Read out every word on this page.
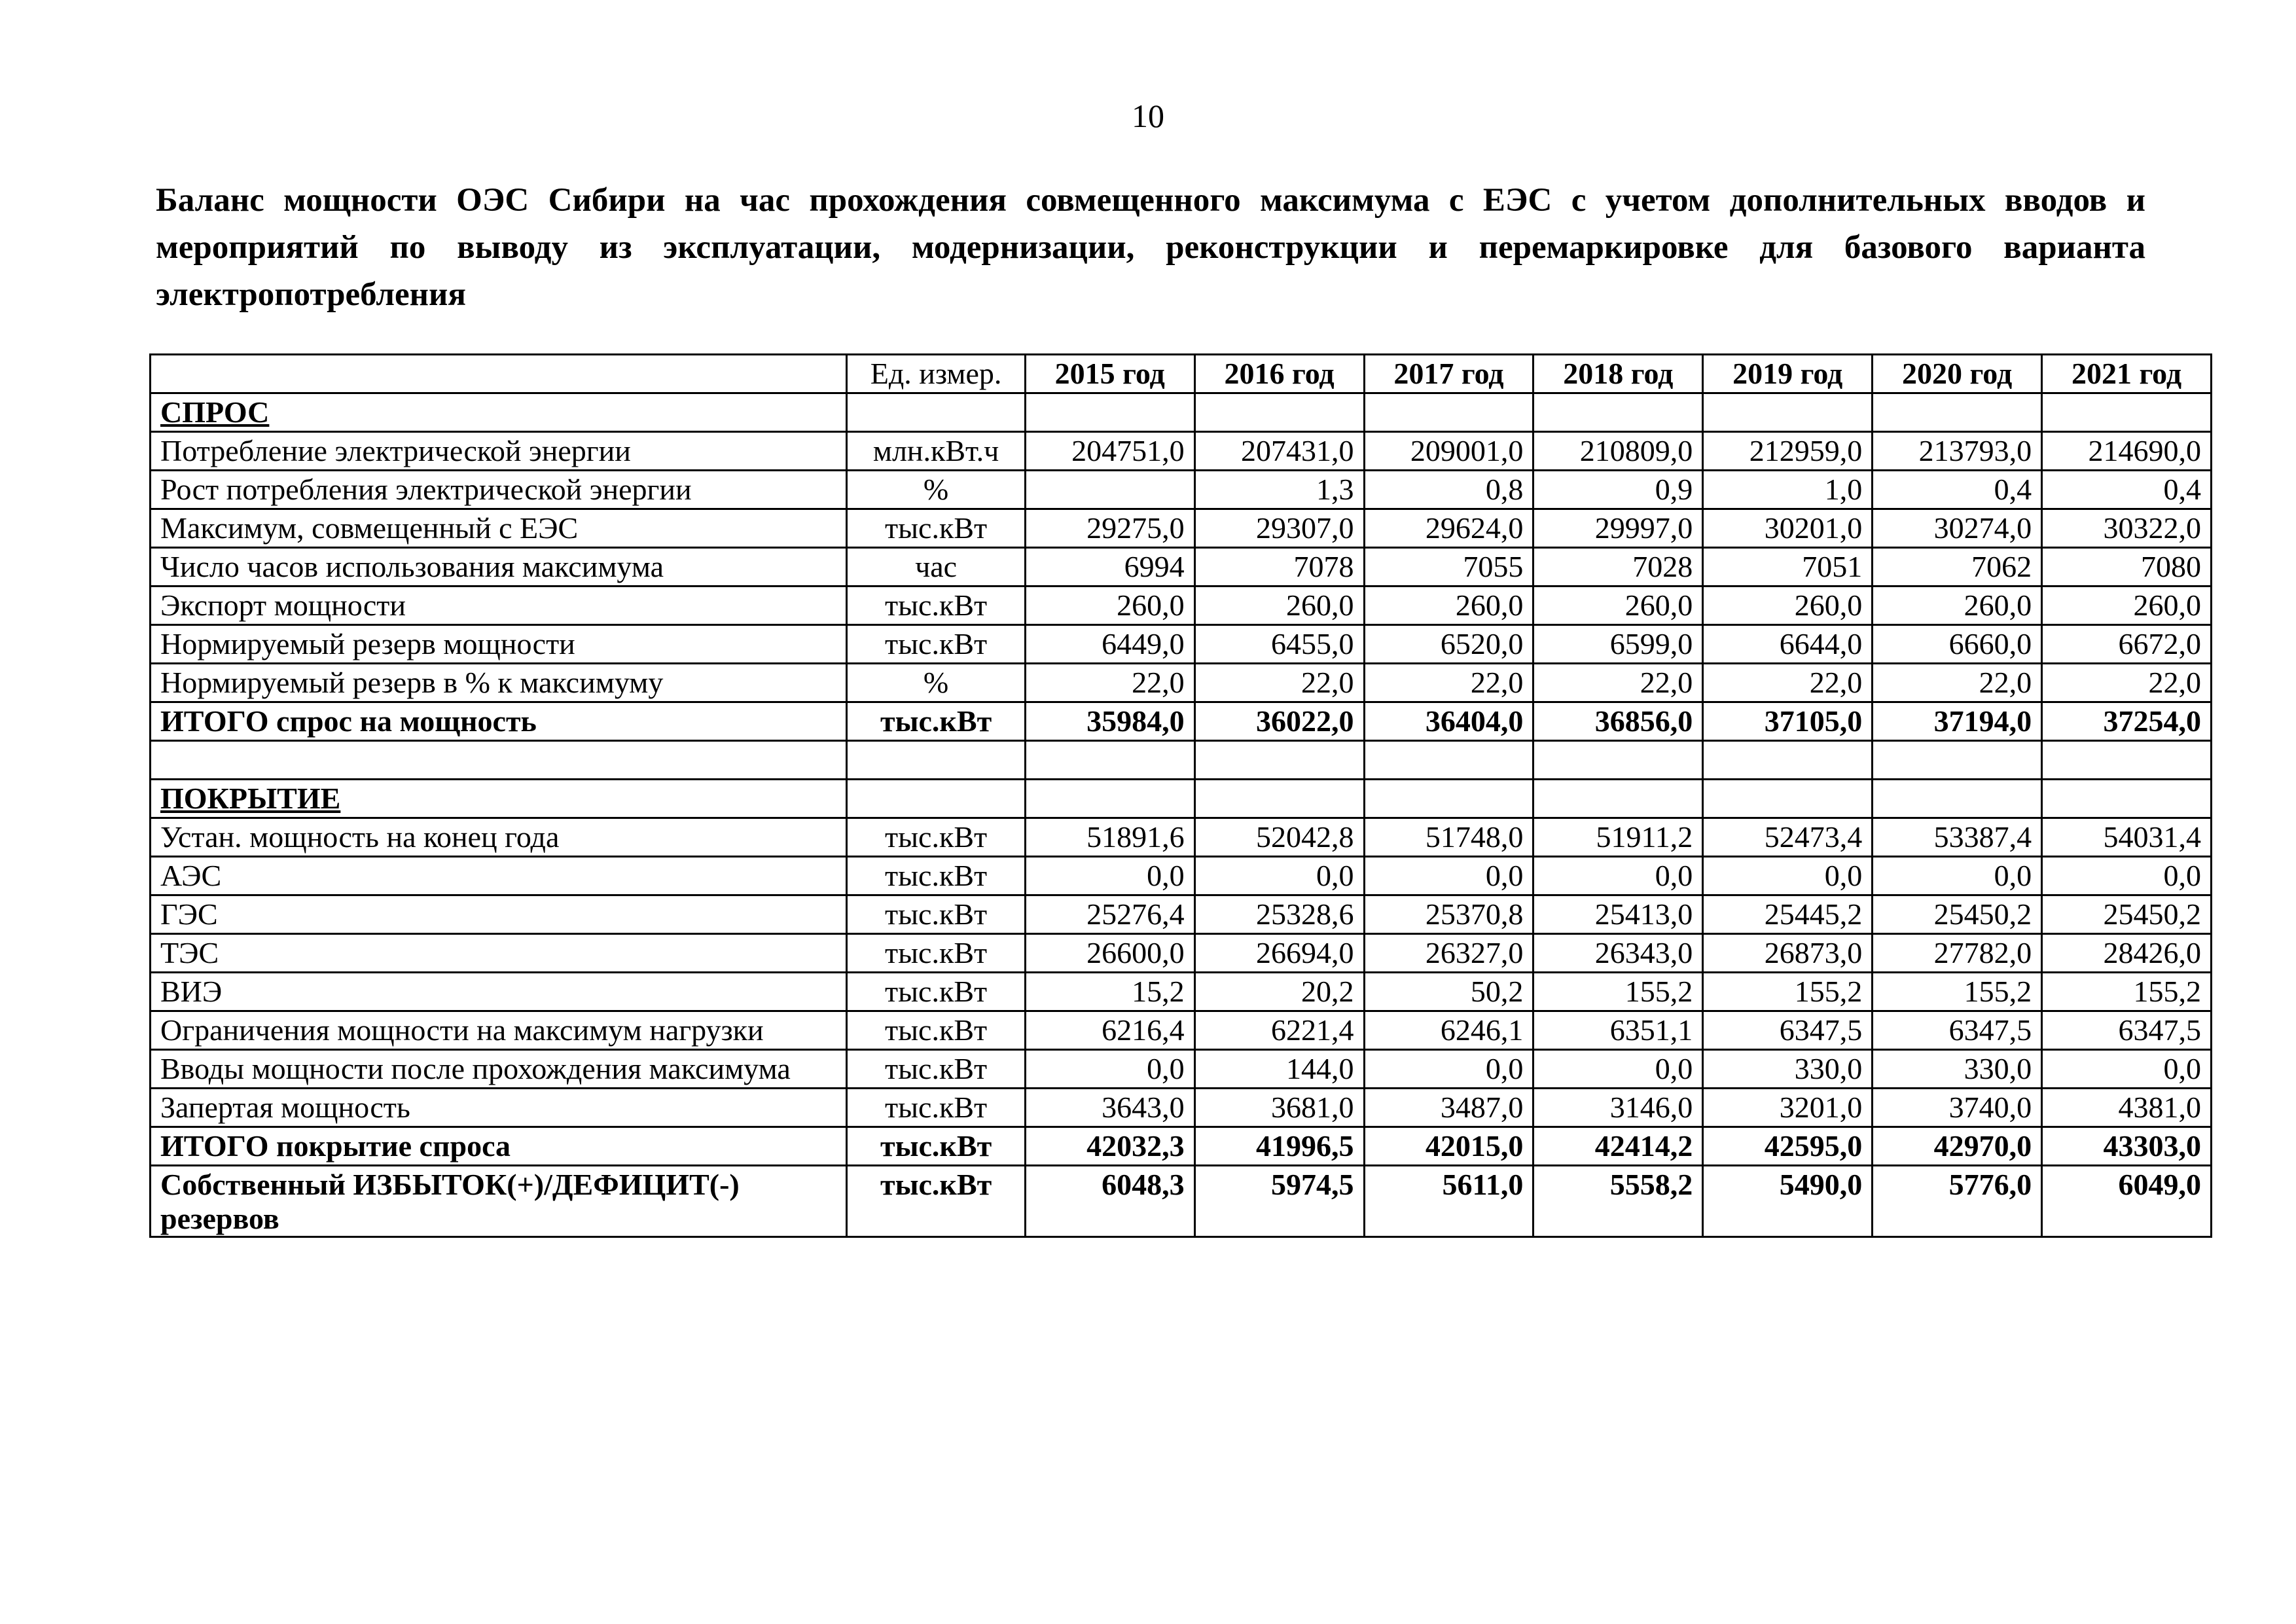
10
Баланс мощности ОЭС Сибири на час прохождения совмещенного максимума с ЕЭС с учетом дополнительных вводов и мероприятий по выводу из эксплуатации, модернизации, реконструкции и перемаркировке для базового варианта электропотребления
	Ед. измер.	2015 год	2016 год	2017 год	2018 год	2019 год	2020 год	2021 год
СПРОС								
Потребление электрической энергии	млн.кВт.ч	204751,0	207431,0	209001,0	210809,0	212959,0	213793,0	214690,0
Рост потребления электрической энергии	%		1,3	0,8	0,9	1,0	0,4	0,4
Максимум, совмещенный с ЕЭС	тыс.кВт	29275,0	29307,0	29624,0	29997,0	30201,0	30274,0	30322,0
Число часов использования максимума	час	6994	7078	7055	7028	7051	7062	7080
Экспорт мощности	тыс.кВт	260,0	260,0	260,0	260,0	260,0	260,0	260,0
Нормируемый резерв мощности	тыс.кВт	6449,0	6455,0	6520,0	6599,0	6644,0	6660,0	6672,0
Нормируемый резерв в % к максимуму	%	22,0	22,0	22,0	22,0	22,0	22,0	22,0
ИТОГО спрос на мощность	тыс.кВт	35984,0	36022,0	36404,0	36856,0	37105,0	37194,0	37254,0

ПОКРЫТИЕ								
Устан. мощность на конец года	тыс.кВт	51891,6	52042,8	51748,0	51911,2	52473,4	53387,4	54031,4
АЭС	тыс.кВт	0,0	0,0	0,0	0,0	0,0	0,0	0,0
ГЭС	тыс.кВт	25276,4	25328,6	25370,8	25413,0	25445,2	25450,2	25450,2
ТЭС	тыс.кВт	26600,0	26694,0	26327,0	26343,0	26873,0	27782,0	28426,0
ВИЭ	тыс.кВт	15,2	20,2	50,2	155,2	155,2	155,2	155,2
Ограничения мощности на максимум нагрузки	тыс.кВт	6216,4	6221,4	6246,1	6351,1	6347,5	6347,5	6347,5
Вводы мощности после прохождения максимума	тыс.кВт	0,0	144,0	0,0	0,0	330,0	330,0	0,0
Запертая мощность	тыс.кВт	3643,0	3681,0	3487,0	3146,0	3201,0	3740,0	4381,0
ИТОГО покрытие спроса	тыс.кВт	42032,3	41996,5	42015,0	42414,2	42595,0	42970,0	43303,0
Собственный ИЗБЫТОК(+)/ДЕФИЦИТ(-) резервов	тыс.кВт	6048,3	5974,5	5611,0	5558,2	5490,0	5776,0	6049,0
